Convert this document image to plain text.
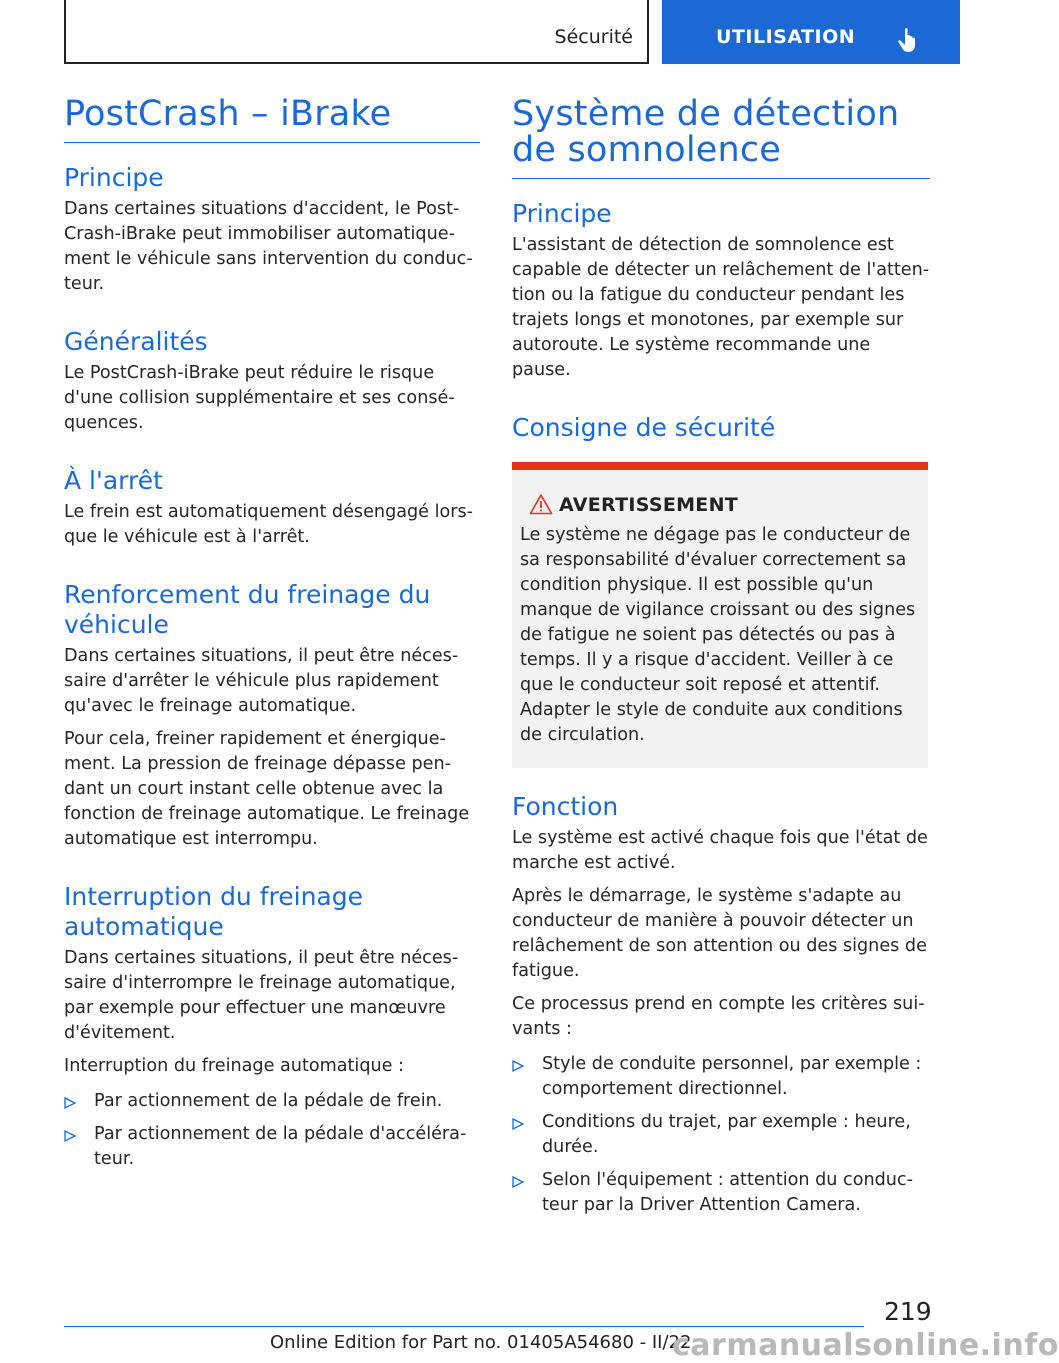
Sécurité	UTILISATION
PostCrash – iBrake
Principe

Dans certaines situations d'accident, le Post-Crash-iBrake peut immobiliser automatique-ment le véhicule sans intervention du conduc-teur.

Généralités

Le PostCrash-iBrake peut réduire le risque d'une collision supplémentaire et ses consé-quences.

À l'arrêt

Le frein est automatiquement désengagé lors-que le véhicule est à l'arrêt.

Renforcement du freinage du véhicule

Dans certaines situations, il peut être néces-saire d'arrêter le véhicule plus rapidement qu'avec le freinage automatique.

Pour cela, freiner rapidement et énergique-ment. La pression de freinage dépasse pen-dant un court instant celle obtenue avec la fonction de freinage automatique. Le freinage automatique est interrompu.

Interruption du freinage automatique

Dans certaines situations, il peut être néces-saire d'interrompre le freinage automatique, par exemple pour effectuer une manœuvre d'évitement.

Interruption du freinage automatique :

Par actionnement de la pédale de frein.
Par actionnement de la pédale d'accéléra-teur.
Système de détection de somnolence
Principe

L'assistant de détection de somnolence est capable de détecter un relâchement de l'atten-tion ou la fatigue du conducteur pendant les trajets longs et monotones, par exemple sur autoroute. Le système recommande une pause.

Consigne de sécurité
AVERTISSEMENT

Le système ne dégage pas le conducteur de sa responsabilité d'évaluer correctement sa condition physique. Il est possible qu'un manque de vigilance croissant ou des signes de fatigue ne soient pas détectés ou pas à temps. Il y a risque d'accident. Veiller à ce que le conducteur soit reposé et attentif. Adapter le style de conduite aux conditions de circulation.

Fonction

Le système est activé chaque fois que l'état de marche est activé.

Après le démarrage, le système s'adapte au conducteur de manière à pouvoir détecter un relâchement de son attention ou des signes de fatigue.

Ce processus prend en compte les critères sui-vants :

Style de conduite personnel, par exemple : comportement directionnel.
Conditions du trajet, par exemple : heure, durée.
Selon l'équipement : attention du conduc-teur par la Driver Attention Camera.
219
Online Edition for Part no. 01405A54680 - II/22
carmanualsonline.info
